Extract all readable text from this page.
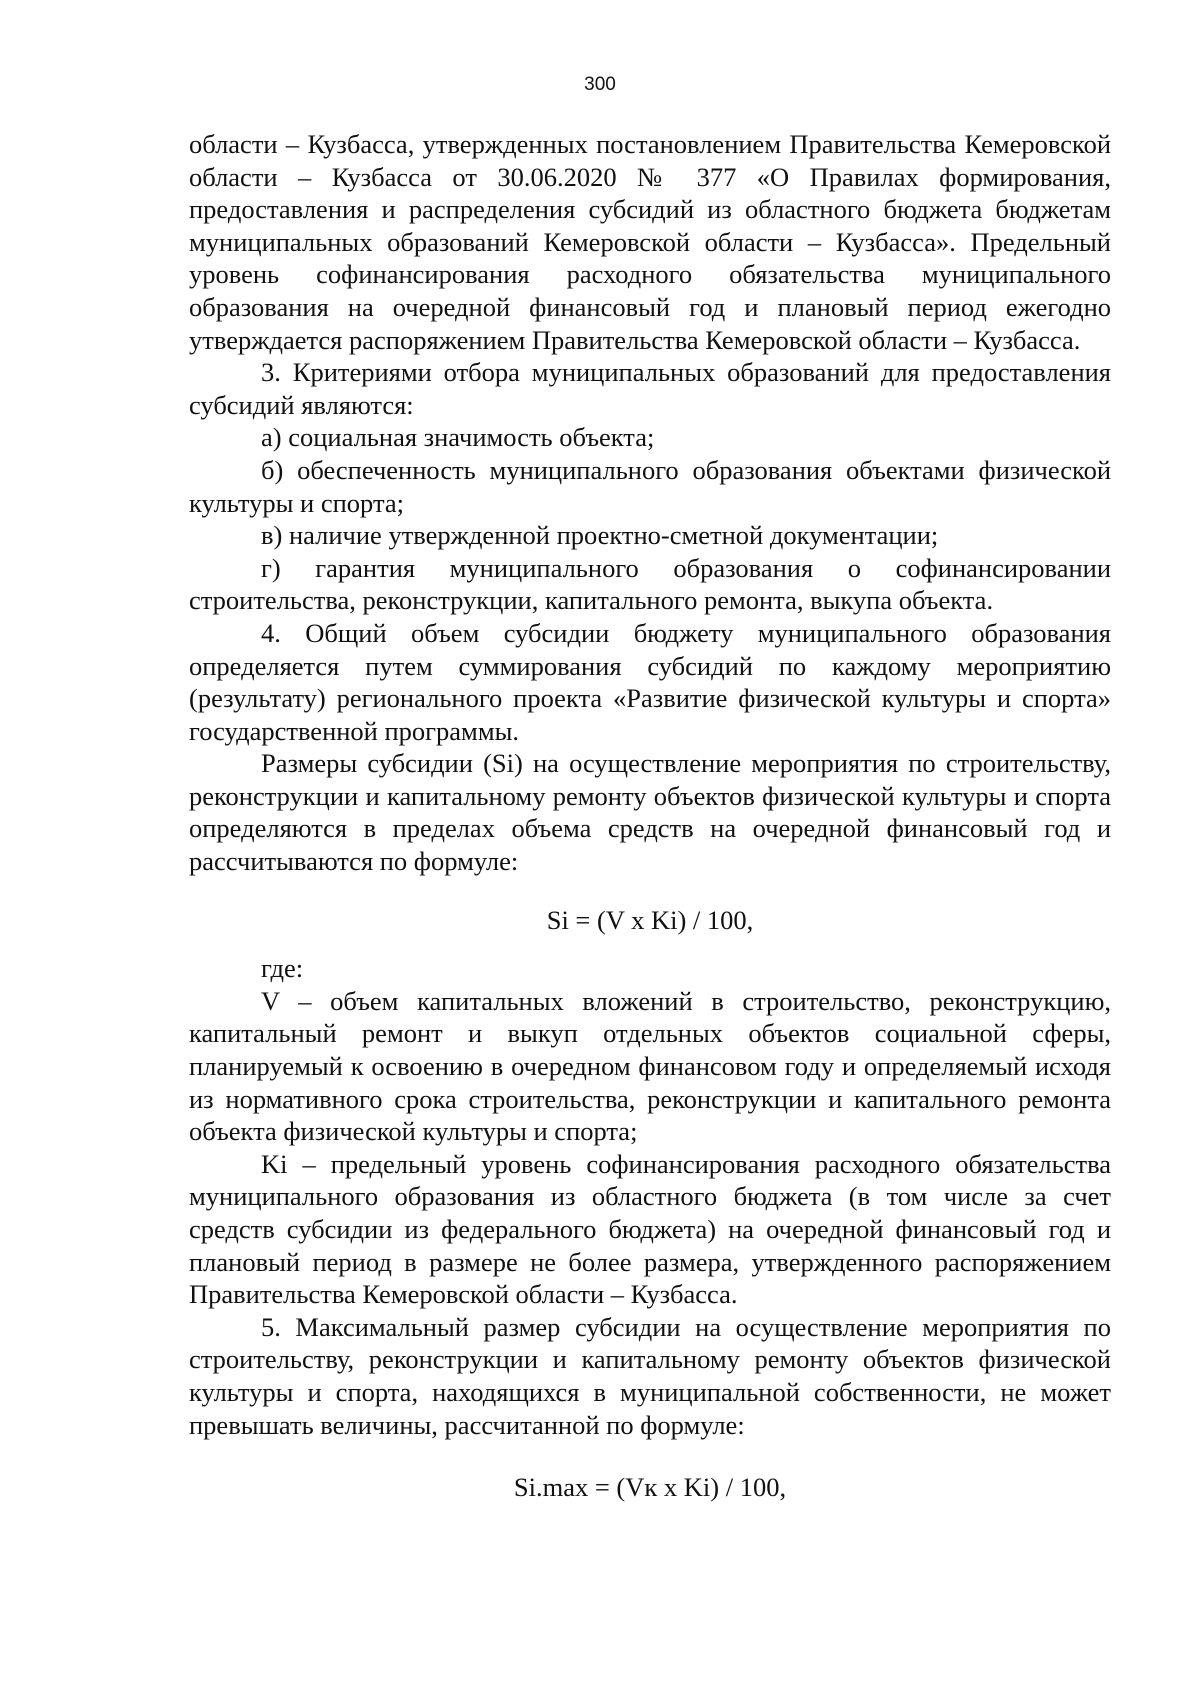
300

области – Кузбасса, утвержденных постановлением Правительства Кемеровской области – Кузбасса от 30.06.2020 № 377 «О Правилах формирования, предоставления и распределения субсидий из областного бюджета бюджетам муниципальных образований Кемеровской области – Кузбасса». Предельный уровень софинансирования расходного обязательства муниципального образования на очередной финансовый год и плановый период ежегодно утверждается распоряжением Правительства Кемеровской области – Кузбасса.

3. Критериями отбора муниципальных образований для предоставления субсидий являются:

а) социальная значимость объекта;

б) обеспеченность муниципального образования объектами физической культуры и спорта;

в) наличие утвержденной проектно-сметной документации;

г) гарантия муниципального образования о софинансировании строительства, реконструкции, капитального ремонта, выкупа объекта.

4. Общий объем субсидии бюджету муниципального образования определяется путем суммирования субсидий по каждому мероприятию (результату) регионального проекта «Развитие физической культуры и спорта» государственной программы.

Размеры субсидии (Si) на осуществление мероприятия по строительству, реконструкции и капитальному ремонту объектов физической культуры и спорта определяются в пределах объема средств на очередной финансовый год и рассчитываются по формуле:

Si = (V x Ki) / 100,

где:

V – объем капитальных вложений в строительство, реконструкцию, капитальный ремонт и выкуп отдельных объектов социальной сферы, планируемый к освоению в очередном финансовом году и определяемый исходя из нормативного срока строительства, реконструкции и капитального ремонта объекта физической культуры и спорта;

Ki – предельный уровень софинансирования расходного обязательства муниципального образования из областного бюджета (в том числе за счет средств субсидии из федерального бюджета) на очередной финансовый год и плановый период в размере не более размера, утвержденного распоряжением Правительства Кемеровской области – Кузбасса.

5. Максимальный размер субсидии на осуществление мероприятия по строительству, реконструкции и капитальному ремонту объектов физической культуры и спорта, находящихся в муниципальной собственности, не может превышать величины, рассчитанной по формуле:

Si.max = (Vк x Ki) / 100,
